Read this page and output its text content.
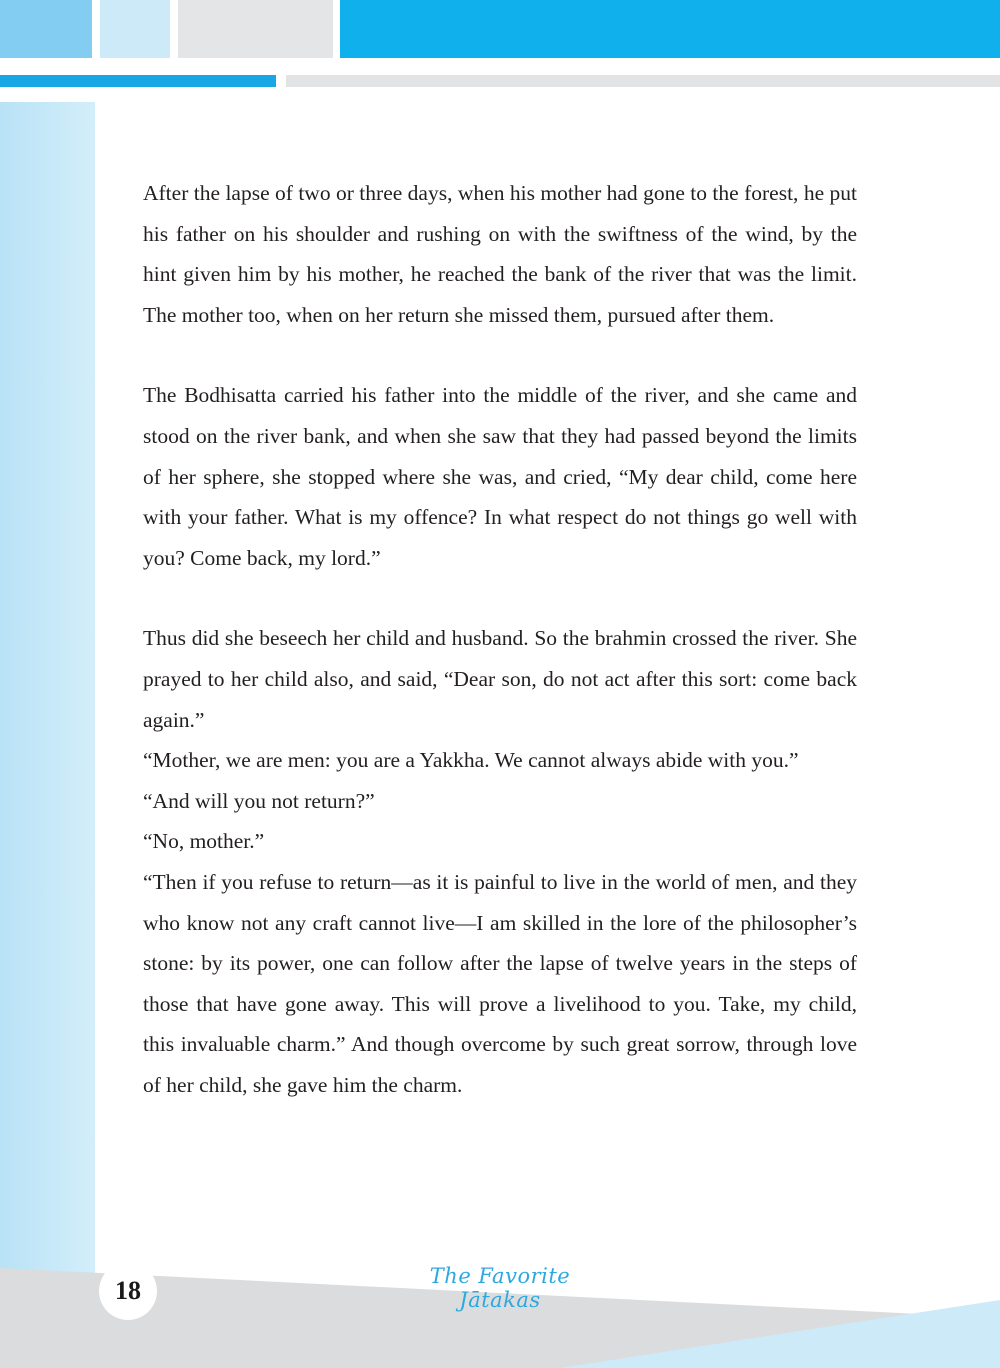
After the lapse of two or three days, when his mother had gone to the forest, he put his father on his shoulder and rushing on with the swiftness of the wind, by the hint given him by his mother, he reached the bank of the river that was the limit. The mother too, when on her return she missed them, pursued after them.

The Bodhisatta carried his father into the middle of the river, and she came and stood on the river bank, and when she saw that they had passed beyond the limits of her sphere, she stopped where she was, and cried, “My dear child, come here with your father. What is my offence? In what respect do not things go well with you? Come back, my lord.”

Thus did she beseech her child and husband. So the brahmin crossed the river. She prayed to her child also, and said, “Dear son, do not act after this sort: come back again.”

“Mother, we are men: you are a Yakkha. We cannot always abide with you.”

“And will you not return?”

“No, mother.”

“Then if you refuse to return—as it is painful to live in the world of men, and they who know not any craft cannot live—I am skilled in the lore of the philosopher’s stone: by its power, one can follow after the lapse of twelve years in the steps of those that have gone away. This will prove a livelihood to you. Take, my child, this invaluable charm.” And though overcome by such great sorrow, through love of her child, she gave him the charm.

18	The Favorite Jātakas
